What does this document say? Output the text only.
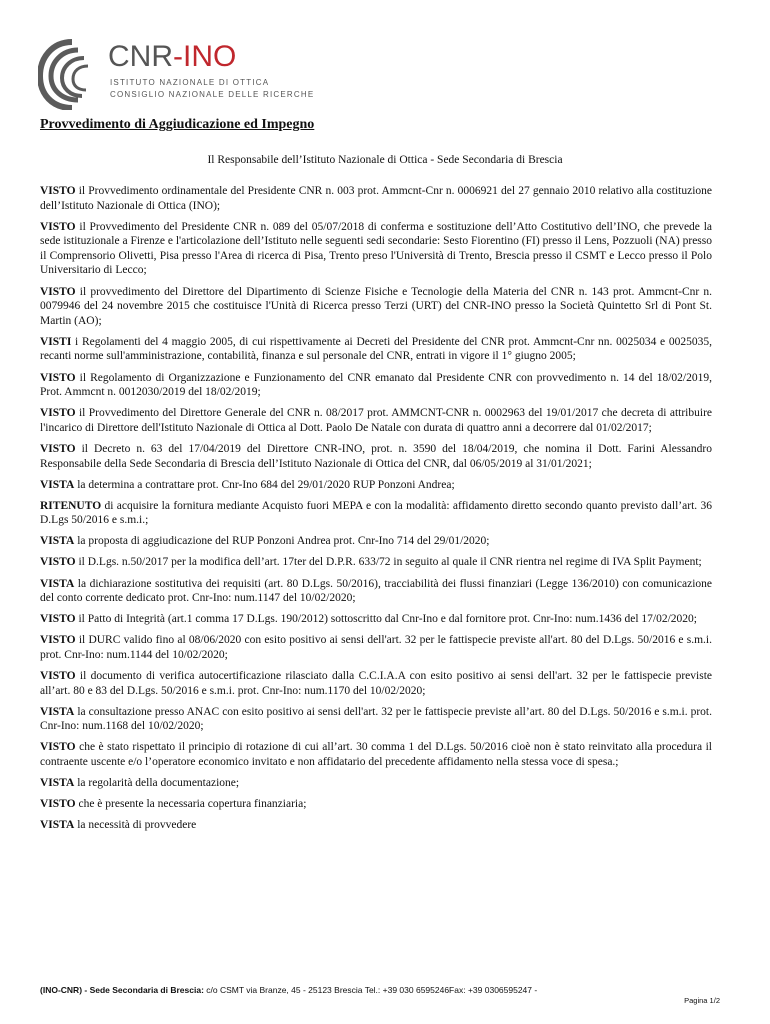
CNR-INO
ISTITUTO NAZIONALE DI OTTICA
CONSIGLIO NAZIONALE DELLE RICERCHE
Provvedimento di Aggiudicazione ed Impegno
Il Responsabile dell’Istituto Nazionale di Ottica - Sede Secondaria di Brescia

VISTO il Provvedimento ordinamentale del Presidente CNR n. 003 prot. Ammcnt-Cnr n. 0006921 del 27 gennaio 2010 relativo alla costituzione dell’Istituto Nazionale di Ottica (INO);

VISTO il Provvedimento del Presidente CNR n. 089 del 05/07/2018 di conferma e sostituzione dell’Atto Costitutivo dell’INO, che prevede la sede istituzionale a Firenze e l'articolazione dell’Istituto nelle seguenti sedi secondarie: Sesto Fiorentino (FI) presso il Lens, Pozzuoli (NA) presso il Comprensorio Olivetti, Pisa presso l'Area di ricerca di Pisa, Trento preso l'Università di Trento, Brescia presso il CSMT e Lecco presso il Polo Universitario di Lecco;

VISTO il provvedimento del Direttore del Dipartimento di Scienze Fisiche e Tecnologie della Materia del CNR n. 143 prot. Ammcnt-Cnr n. 0079946 del 24 novembre 2015 che costituisce l'Unità di Ricerca presso Terzi (URT) del CNR-INO presso la Società Quintetto Srl di Pont St. Martin (AO);

VISTI i Regolamenti del 4 maggio 2005, di cui rispettivamente ai Decreti del Presidente del CNR prot. Ammcnt-Cnr nn. 0025034 e 0025035, recanti norme sull'amministrazione, contabilità, finanza e sul personale del CNR, entrati in vigore il 1° giugno 2005;

VISTO il Regolamento di Organizzazione e Funzionamento del CNR emanato dal Presidente CNR con provvedimento n. 14 del 18/02/2019, Prot. Ammcnt n. 0012030/2019 del 18/02/2019;

VISTO il Provvedimento del Direttore Generale del CNR n. 08/2017 prot. AMMCNT-CNR n. 0002963 del 19/01/2017 che decreta di attribuire l'incarico di Direttore dell'Istituto Nazionale di Ottica al Dott. Paolo De Natale con durata di quattro anni a decorrere dal 01/02/2017;

VISTO il Decreto n. 63 del 17/04/2019 del Direttore CNR-INO, prot. n. 3590 del 18/04/2019, che nomina il Dott. Farini Alessandro Responsabile della Sede Secondaria di Brescia dell’Istituto Nazionale di Ottica del CNR, dal 06/05/2019 al 31/01/2021;

VISTA la determina a contrattare prot. Cnr-Ino 684 del 29/01/2020 RUP Ponzoni Andrea;

RITENUTO di acquisire la fornitura mediante Acquisto fuori MEPA e con la modalità: affidamento diretto secondo quanto previsto dall’art. 36 D.Lgs 50/2016 e s.m.i.;

VISTA la proposta di aggiudicazione del RUP Ponzoni Andrea prot. Cnr-Ino 714 del 29/01/2020;

VISTO il D.Lgs. n.50/2017 per la modifica dell’art. 17ter del D.P.R. 633/72 in seguito al quale il CNR rientra nel regime di IVA Split Payment;

VISTA la dichiarazione sostitutiva dei requisiti (art. 80 D.Lgs. 50/2016), tracciabilità dei flussi finanziari (Legge 136/2010) con comunicazione del conto corrente dedicato prot. Cnr-Ino: num.1147 del 10/02/2020;

VISTO il Patto di Integrità (art.1 comma 17 D.Lgs. 190/2012) sottoscritto dal Cnr-Ino e dal fornitore prot. Cnr-Ino: num.1436 del 17/02/2020;

VISTO il DURC valido fino al 08/06/2020 con esito positivo ai sensi dell'art. 32 per le fattispecie previste all'art. 80 del D.Lgs. 50/2016 e s.m.i. prot. Cnr-Ino: num.1144 del 10/02/2020;

VISTO il documento di verifica autocertificazione rilasciato dalla C.C.I.A.A con esito positivo ai sensi dell'art. 32 per le fattispecie previste all’art. 80 e 83 del D.Lgs. 50/2016 e s.m.i. prot. Cnr-Ino: num.1170 del 10/02/2020;

VISTA la consultazione presso ANAC con esito positivo ai sensi dell'art. 32 per le fattispecie previste all’art. 80 del D.Lgs. 50/2016 e s.m.i. prot. Cnr-Ino: num.1168 del 10/02/2020;

VISTO che è stato rispettato il principio di rotazione di cui all’art. 30 comma 1 del D.Lgs. 50/2016 cioè non è stato reinvitato alla procedura il contraente uscente e/o l’operatore economico invitato e non affidatario del precedente affidamento nella stessa voce di spesa.;

VISTA la regolarità della documentazione;

VISTO che è presente la necessaria copertura finanziaria;

VISTA la necessità di provvedere

(INO-CNR) - Sede Secondaria di Brescia: c/o CSMT via Branze, 45 - 25123 Brescia Tel.: +39 030 6595246Fax: +39 0306595247 -
Pagina 1/2
